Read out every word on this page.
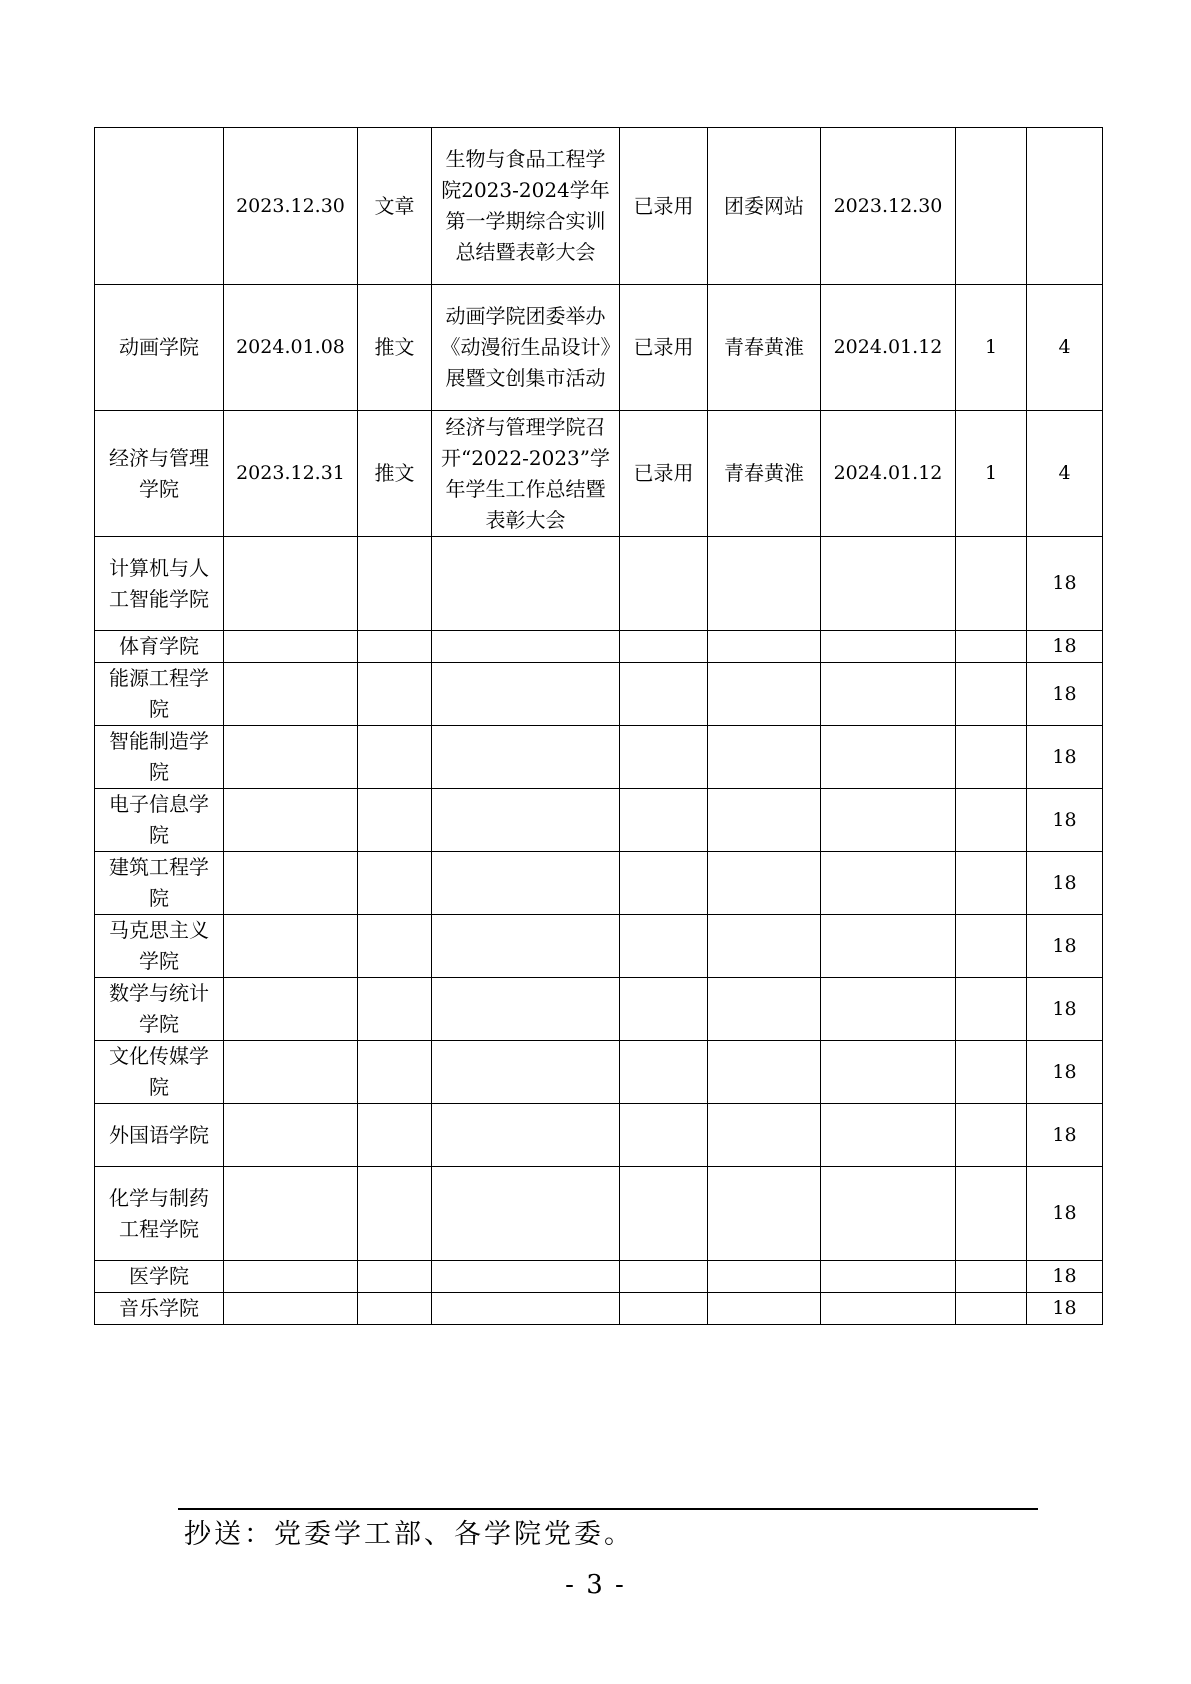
	2023.12.30	文章	生物与食品工程学院2023-2024学年第一学期综合实训总结暨表彰大会	已录用	团委网站	2023.12.30		
动画学院	2024.01.08	推文	动画学院团委举办《动漫衍生品设计》展暨文创集市活动	已录用	青春黄淮	2024.01.12	1	4
经济与管理学院	2023.12.31	推文	经济与管理学院召开“2022-2023”学年学生工作总结暨表彰大会	已录用	青春黄淮	2024.01.12	1	4
计算机与人工智能学院								18
体育学院								18
能源工程学院								18
智能制造学院								18
电子信息学院								18
建筑工程学院								18
马克思主义学院								18
数学与统计学院								18
文化传媒学院								18
外国语学院								18
化学与制药工程学院								18
医学院								18
音乐学院								18
抄送：党委学工部、各学院党委。
- 3 -
